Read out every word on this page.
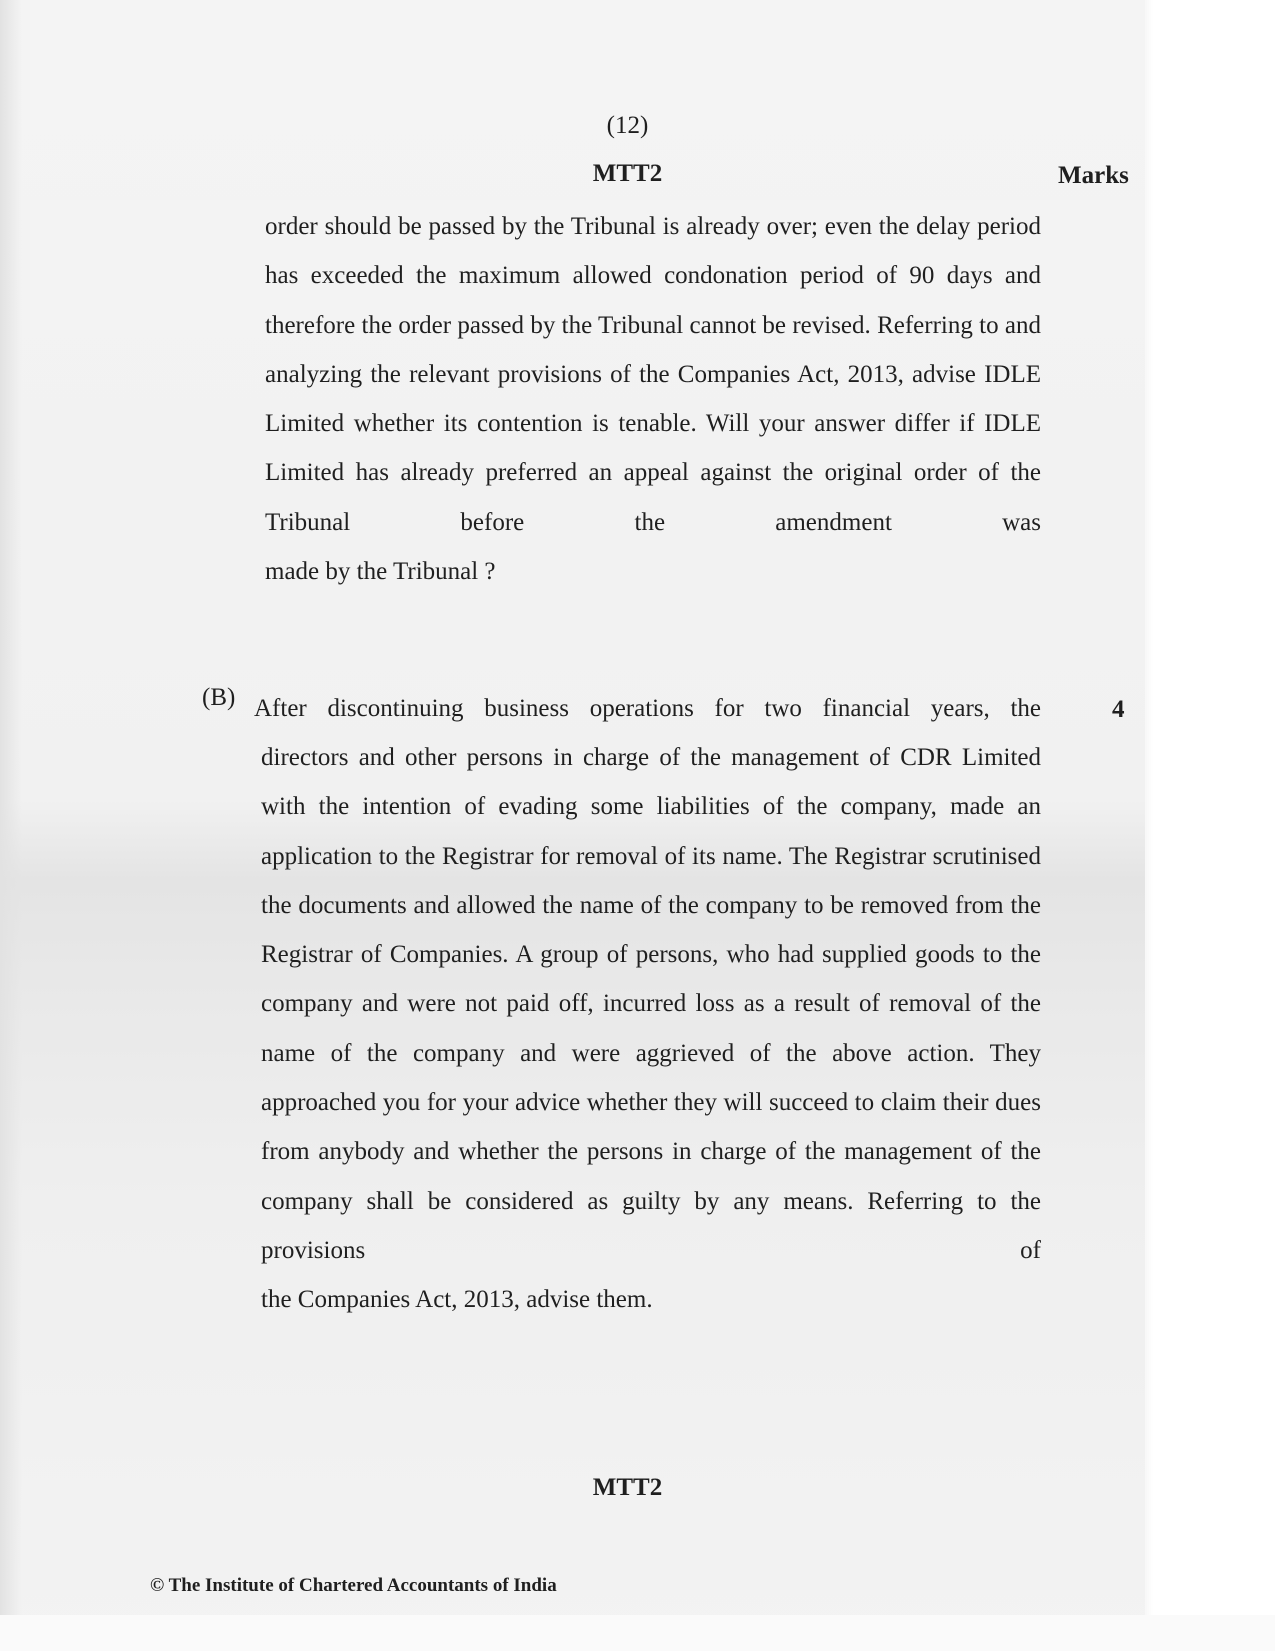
(12)
MTT2	Marks

order should be passed by the Tribunal is already over; even the delay period has exceeded the maximum allowed condonation period of 90 days and therefore the order passed by the Tribunal cannot be revised. Referring to and analyzing the relevant provisions of the Companies Act, 2013, advise IDLE Limited whether its contention is tenable. Will your answer differ if IDLE Limited has already preferred an appeal against the original order of the Tribunal before the amendment was
made by the Tribunal ?

(B)	4

After discontinuing business operations for two financial years, the

directors and other persons in charge of the management of CDR Limited with the intention of evading some liabilities of the company, made an application to the Registrar for removal of its name. The Registrar scrutinised the documents and allowed the name of the company to be removed from the Registrar of Companies. A group of persons, who had supplied goods to the company and were not paid off, incurred loss as a result of removal of the name of the company and were aggrieved of the above action. They approached you for your advice whether they will succeed to claim their dues from anybody and whether the persons in charge of the management of the company shall be considered as guilty by any means. Referring to the provisions of
the Companies Act, 2013, advise them.

MTT2
© The Institute of Chartered Accountants of India
